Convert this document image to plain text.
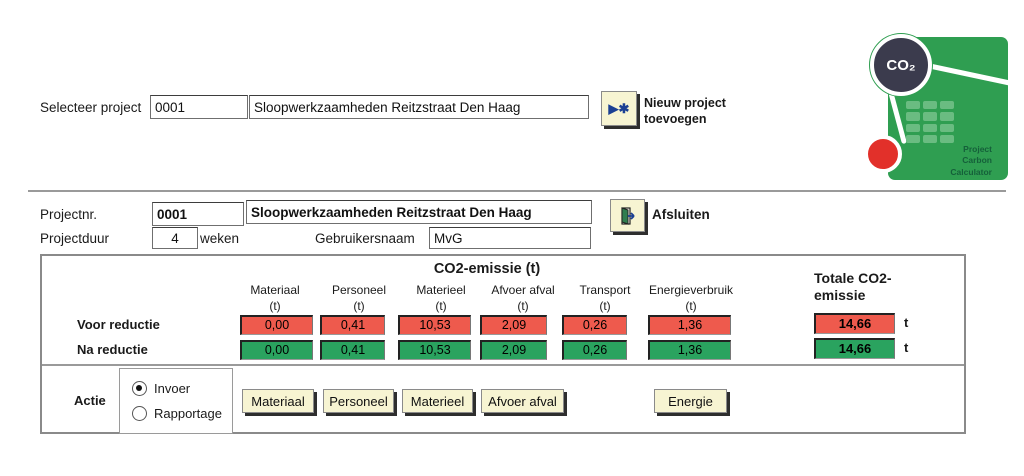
Selecteer project
0001
Sloopwerkzaamheden Reitzstraat Den Haag	▶✱ Nieuw project toevoegen
CO₂
Project
Carbon
Calculator
Projectnr.
0001
Sloopwerkzaamheden Reitzstraat Den Haag	Afsluiten
Projectduur
4	weken	Gebruikersnaam
MvG
CO2-emissie (t)
Materiaal
(t)
Personeel
(t)
Materieel
(t)
Afvoer afval
(t)
Transport
(t)
Energieverbruik
(t)
Totale CO2-emissie
Voor reductie	0,00	0,41	10,53	2,09	0,26	1,36	14,66	t
Na reductie	0,00	0,41	10,53	2,09	0,26	1,36	14,66	t
Actie
Invoer
Rapportage
Materiaal	Personeel	Materieel	Afvoer afval	Energie
